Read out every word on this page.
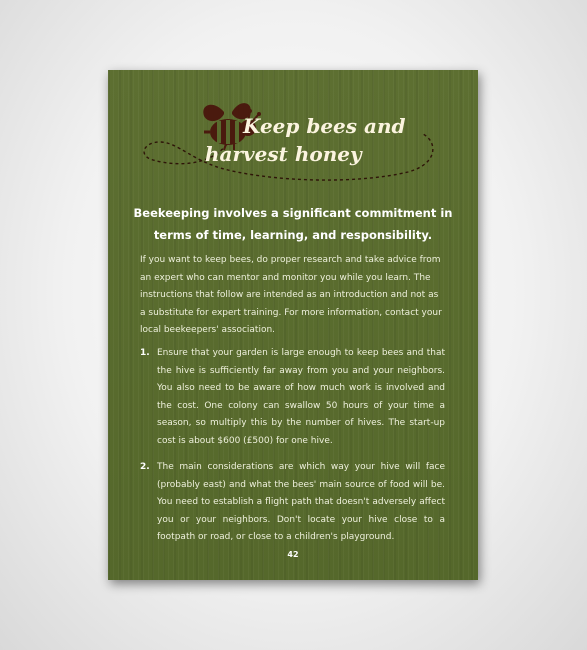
Keep bees and
harvest honey
Beekeeping involves a significant commitment in terms of time, learning, and responsibility.
If you want to keep bees, do proper research and take advice from an expert who can mentor and monitor you while you learn. The instructions that follow are intended as an introduction and not as a substitute for expert training. For more information, contact your local beekeepers' association.
1. Ensure that your garden is large enough to keep bees and that the hive is sufficiently far away from you and your neighbors. You also need to be aware of how much work is involved and the cost. One colony can swallow 50 hours of your time a season, so multiply this by the number of hives. The start-up cost is about $600 (£500) for one hive.
2. The main considerations are which way your hive will face (probably east) and what the bees' main source of food will be. You need to establish a flight path that doesn't adversely affect you or your neighbors. Don't locate your hive close to a footpath or road, or close to a children's playground.
42
